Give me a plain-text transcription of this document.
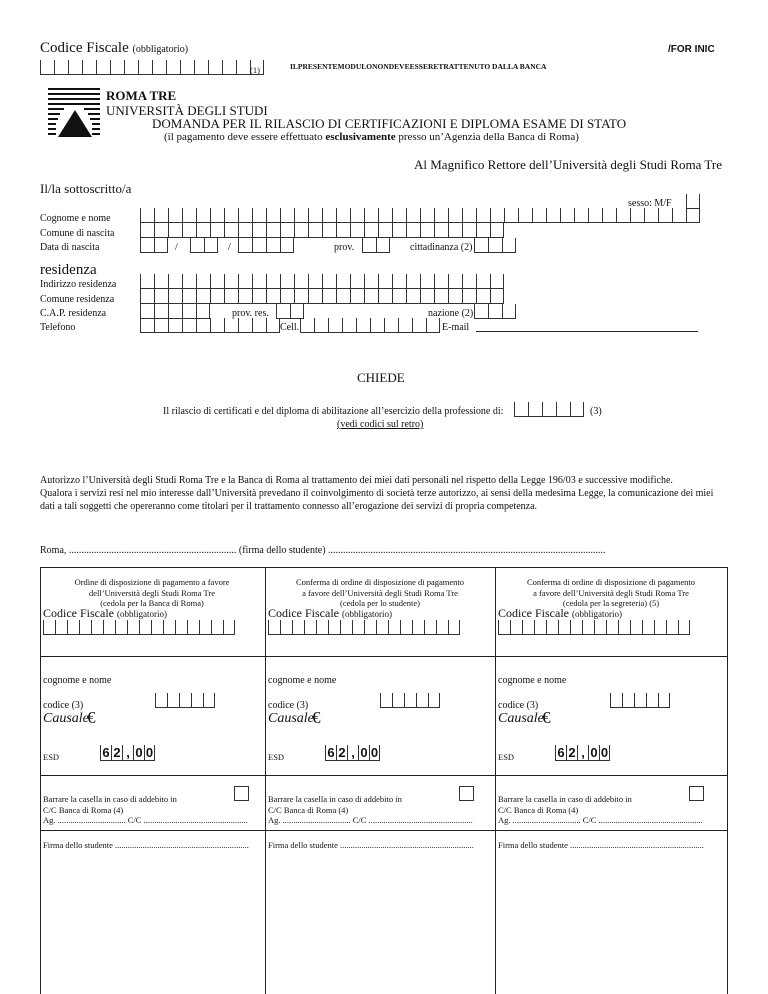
Codice Fiscale (obbligatorio)
(1)
/FOR INIC
ILPRESENTEMODULONONDEVEESSERETRATTENUTO DALLA BANCA
ROMA TRE
UNIVERSITÀ DEGLI STUDI
DOMANDA PER IL RILASCIO DI CERTIFICAZIONI E DIPLOMA ESAME DI STATO
(il pagamento deve essere effettuato esclusivamente presso un’Agenzia della Banca di Roma)
Al Magnifico Rettore dell’Università degli Studi Roma Tre
Il/la sottoscritto/a
sesso: M/F
Cognome e nome
Comune di nascita
Data di nascita	/	/	prov.	cittadinanza (2)
residenza
Indirizzo residenza
Comune residenza
C.A.P. residenza	prov. res.	nazione (2)
Telefono	Cell.	E-mail
CHIEDE
Il rilascio di certificati e del diploma di abilitazione all’esercizio della professione di:	(3)
(vedi codici sul retro)
Autorizzo l’Università degli Studi Roma Tre e la Banca di Roma al trattamento dei miei dati personali nel rispetto della Legge 196/03 e successive modifiche.
Qualora i servizi resi nel mio interesse dall’Università prevedano il coinvolgimento di società terze autorizzo, ai sensi della medesima Legge, la comunicazione dei miei
dati a tali soggetti che opereranno come titolari per il trattamento connesso all’erogazione dei servizi di propria competenza.
Roma, ................................................................... (firma dello studente) ...............................................................................................................
Ordine di disposizione di pagamento a favore
dell’Università degli Studi Roma Tre
(cedola per la Banca di Roma)
Codice Fiscale (obbligatorio)
cognome e nome
codice (3)
Causale
€
ESD	6 2 , 0 0
Barrare la casella in caso di addebito in
C/C Banca di Roma (4)
Ag. ................................ C/C .................................................
Firma dello studente ...............................................................
Conferma di ordine di disposizione di pagamento
a favore dell’Università degli Studi Roma Tre
(cedola per lo studente)
Codice Fiscale (obbligatorio)
cognome e nome
codice (3)
Causale
€
ESD	6 2 , 0 0
Barrare la casella in caso di addebito in
C/C Banca di Roma (4)
Ag. ................................ C/C .................................................
Firma dello studente ...............................................................
Conferma di ordine di disposizione di pagamento
a favore dell’Università degli Studi Roma Tre
(cedola per la segreteria) (5)
Codice Fiscale (obbligatorio)
cognome e nome
codice (3)
Causale
€
ESD	6 2 , 0 0
Barrare la casella in caso di addebito in
C/C Banca di Roma (4)
Ag. ................................ C/C .................................................
Firma dello studente ...............................................................
